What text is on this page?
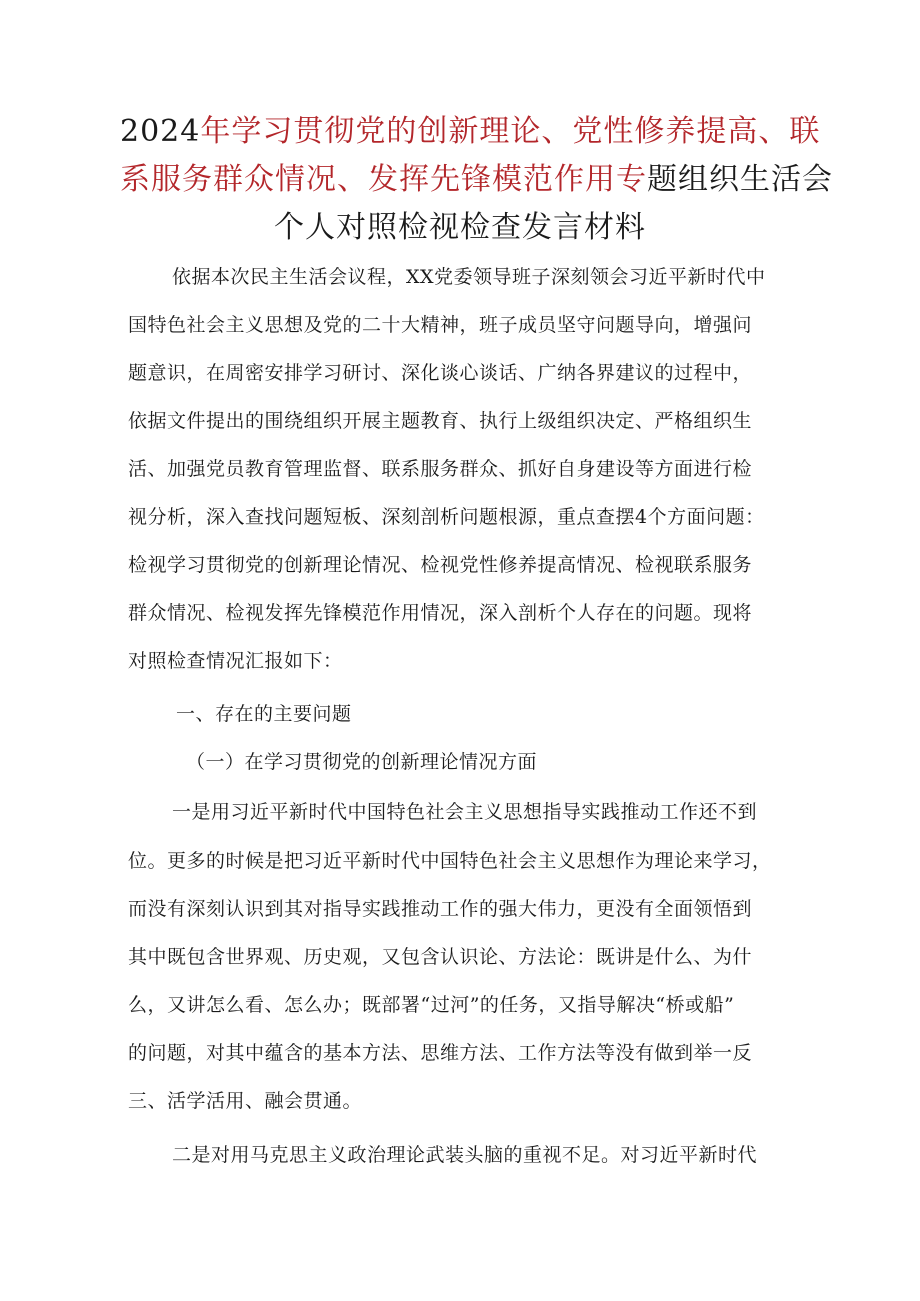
2024年学习贯彻党的创新理论、党性修养提高、联
系服务群众情况、发挥先锋模范作用专题组织生活会
个人对照检视检查发言材料
依据本次民主生活会议程，XX党委领导班子深刻领会习近平新时代中
国特色社会主义思想及党的二十大精神，班子成员坚守问题导向，增强问
题意识，在周密安排学习研讨、深化谈心谈话、广纳各界建议的过程中，
依据文件提出的围绕组织开展主题教育、执行上级组织决定、严格组织生
活、加强党员教育管理监督、联系服务群众、抓好自身建设等方面进行检
视分析，深入查找问题短板、深刻剖析问题根源，重点查摆4个方面问题：
检视学习贯彻党的创新理论情况、检视党性修养提高情况、检视联系服务
群众情况、检视发挥先锋模范作用情况，深入剖析个人存在的问题。现将
对照检查情况汇报如下：
一、存在的主要问题
（一）在学习贯彻党的创新理论情况方面
一是用习近平新时代中国特色社会主义思想指导实践推动工作还不到
位。更多的时候是把习近平新时代中国特色社会主义思想作为理论来学习，
而没有深刻认识到其对指导实践推动工作的强大伟力，更没有全面领悟到
其中既包含世界观、历史观，又包含认识论、方法论：既讲是什么、为什
么，又讲怎么看、怎么办；既部署“过河”的任务，又指导解决“桥或船”
的问题，对其中蕴含的基本方法、思维方法、工作方法等没有做到举一反
三、活学活用、融会贯通。
二是对用马克思主义政治理论武装头脑的重视不足。对习近平新时代
